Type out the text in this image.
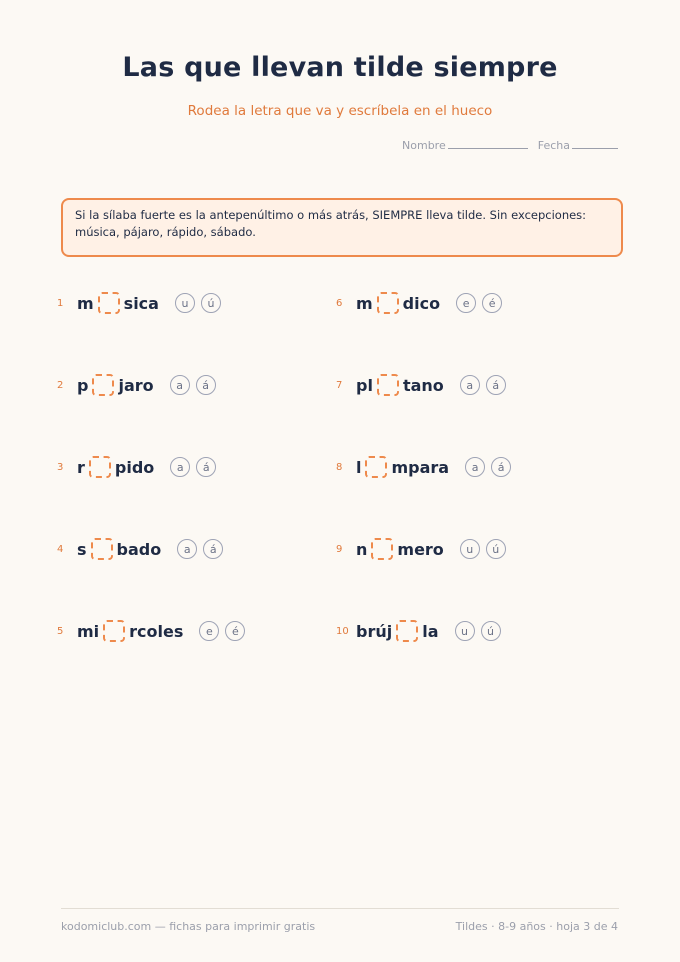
Las que llevan tilde siempre
Rodea la letra que va y escríbela en el hueco
Nombre	Fecha
Si la sílaba fuerte es la antepenúltimo o más atrás, SIEMPRE lleva tilde. Sin excepciones: música, pájaro, rápido, sábado.
1 m sica	u	ú
2 p jaro	a	á
3 r pido	a	á
4 s bado	a	á
5 mi rcoles	e	é
6 m dico	e	é
7 pl tano	a	á
8 l mpara	a	á
9 n mero	u	ú
10 brúj la	u	ú
kodomiclub.com — fichas para imprimir gratis	Tildes · 8-9 años · hoja 3 de 4
